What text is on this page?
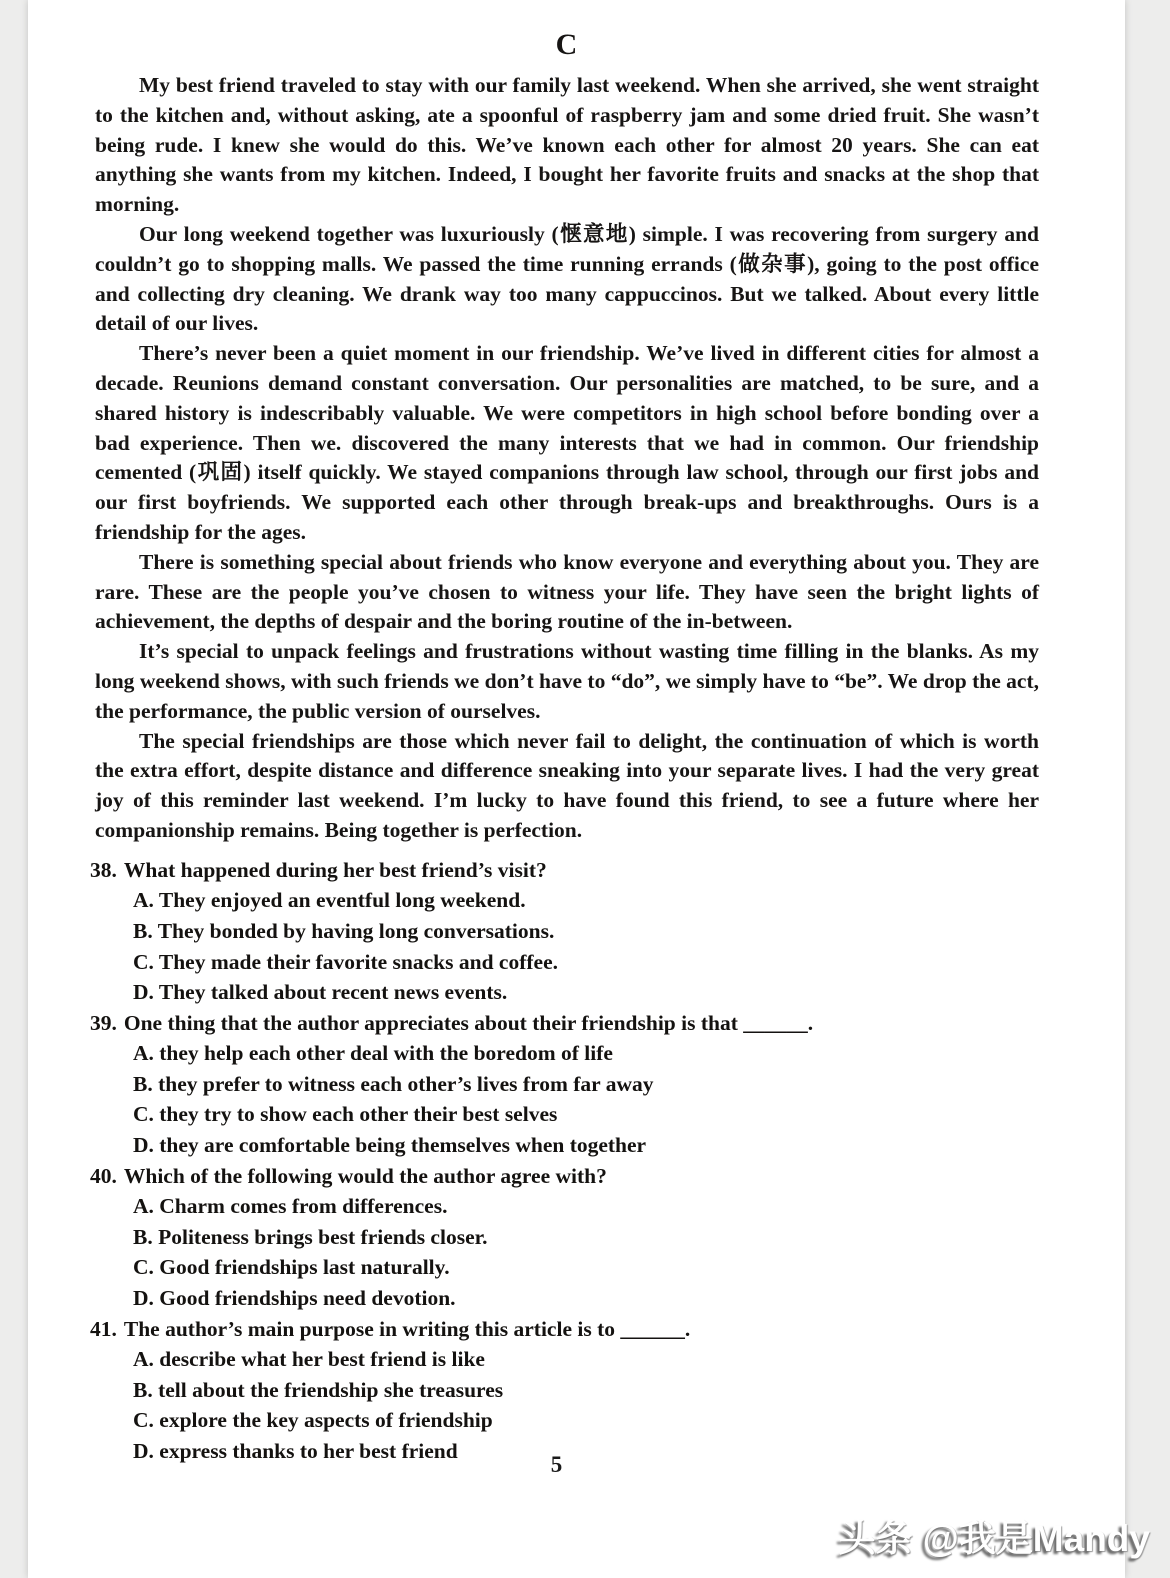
C

My best friend traveled to stay with our family last weekend. When she arrived, she went straight to the kitchen and, without asking, ate a spoonful of raspberry jam and some dried fruit. She wasn’t being rude. I knew she would do this. We’ve known each other for almost 20 years. She can eat anything she wants from my kitchen. Indeed, I bought her favorite fruits and snacks at the shop that morning.

Our long weekend together was luxuriously (惬意地) simple. I was recovering from surgery and couldn’t go to shopping malls. We passed the time running errands (做杂事), going to the post office and collecting dry cleaning. We drank way too many cappuccinos. But we talked. About every little detail of our lives.

There’s never been a quiet moment in our friendship. We’ve lived in different cities for almost a decade. Reunions demand constant conversation. Our personalities are matched, to be sure, and a shared history is indescribably valuable. We were competitors in high school before bonding over a bad experience. Then we. discovered the many interests that we had in common. Our friendship cemented (巩固) itself quickly. We stayed companions through law school, through our first jobs and our first boyfriends. We supported each other through break-ups and breakthroughs. Ours is a friendship for the ages.

There is something special about friends who know everyone and everything about you. They are rare. These are the people you’ve chosen to witness your life. They have seen the bright lights of achievement, the depths of despair and the boring routine of the in-between.

It’s special to unpack feelings and frustrations without wasting time filling in the blanks. As my long weekend shows, with such friends we don’t have to “do”, we simply have to “be”. We drop the act, the performance, the public version of ourselves.

The special friendships are those which never fail to delight, the continuation of which is worth the extra effort, despite distance and difference sneaking into your separate lives. I had the very great joy of this reminder last weekend. I’m lucky to have found this friend, to see a future where her companionship remains. Being together is perfection.

38. What happened during her best friend’s visit?
A. They enjoyed an eventful long weekend.
B. They bonded by having long conversations.
C. They made their favorite snacks and coffee.
D. They talked about recent news events.
39. One thing that the author appreciates about their friendship is that ______.
A. they help each other deal with the boredom of life
B. they prefer to witness each other’s lives from far away
C. they try to show each other their best selves
D. they are comfortable being themselves when together
40. Which of the following would the author agree with?
A. Charm comes from differences.
B. Politeness brings best friends closer.
C. Good friendships last naturally.
D. Good friendships need devotion.
41. The author’s main purpose in writing this article is to ______.
A. describe what her best friend is like
B. tell about the friendship she treasures
C. explore the key aspects of friendship
D. express thanks to her best friend
5
头条 @我是Mandy
